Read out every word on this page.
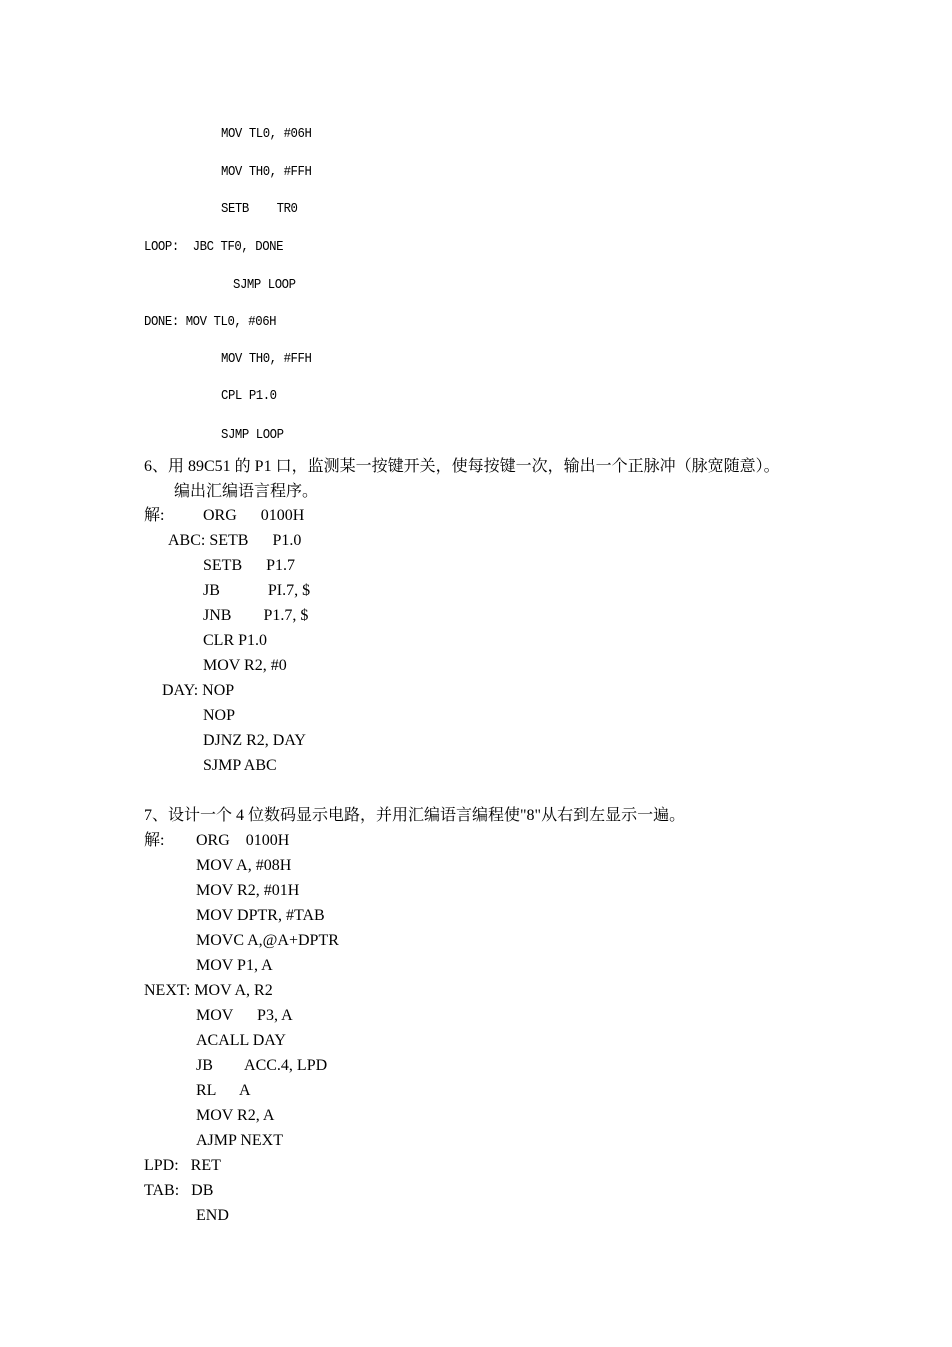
MOV TL0, #06H
MOV TH0, #FFH
SETB    TR0
LOOP:  JBC TF0, DONE
SJMP LOOP
DONE: MOV TL0, #06H
MOV TH0, #FFH
CPL P1.0
SJMP LOOP
6、用 89C51 的 P1 口，监测某一按键开关，使每按键一次，输出一个正脉冲（脉宽随意）。
编出汇编语言程序。
解: ORG      0100H
ABC: SETB      P1.0
SETB      P1.7
JB            PI.7, $
JNB        P1.7, $
CLR P1.0
MOV R2, #0
DAY: NOP
NOP
DJNZ R2, DAY
SJMP ABC
7、设计一个 4 位数码显示电路，并用汇编语言编程使"8"从右到左显示一遍。
解: ORG    0100H
MOV A, #08H
MOV R2, #01H
MOV DPTR, #TAB
MOVC A,@A+DPTR
MOV P1, A
NEXT: MOV A, R2
MOV      P3, A
ACALL DAY
JB        ACC.4, LPD
RL      A
MOV R2, A
AJMP NEXT
LPD:   RET
TAB:   DB
END
